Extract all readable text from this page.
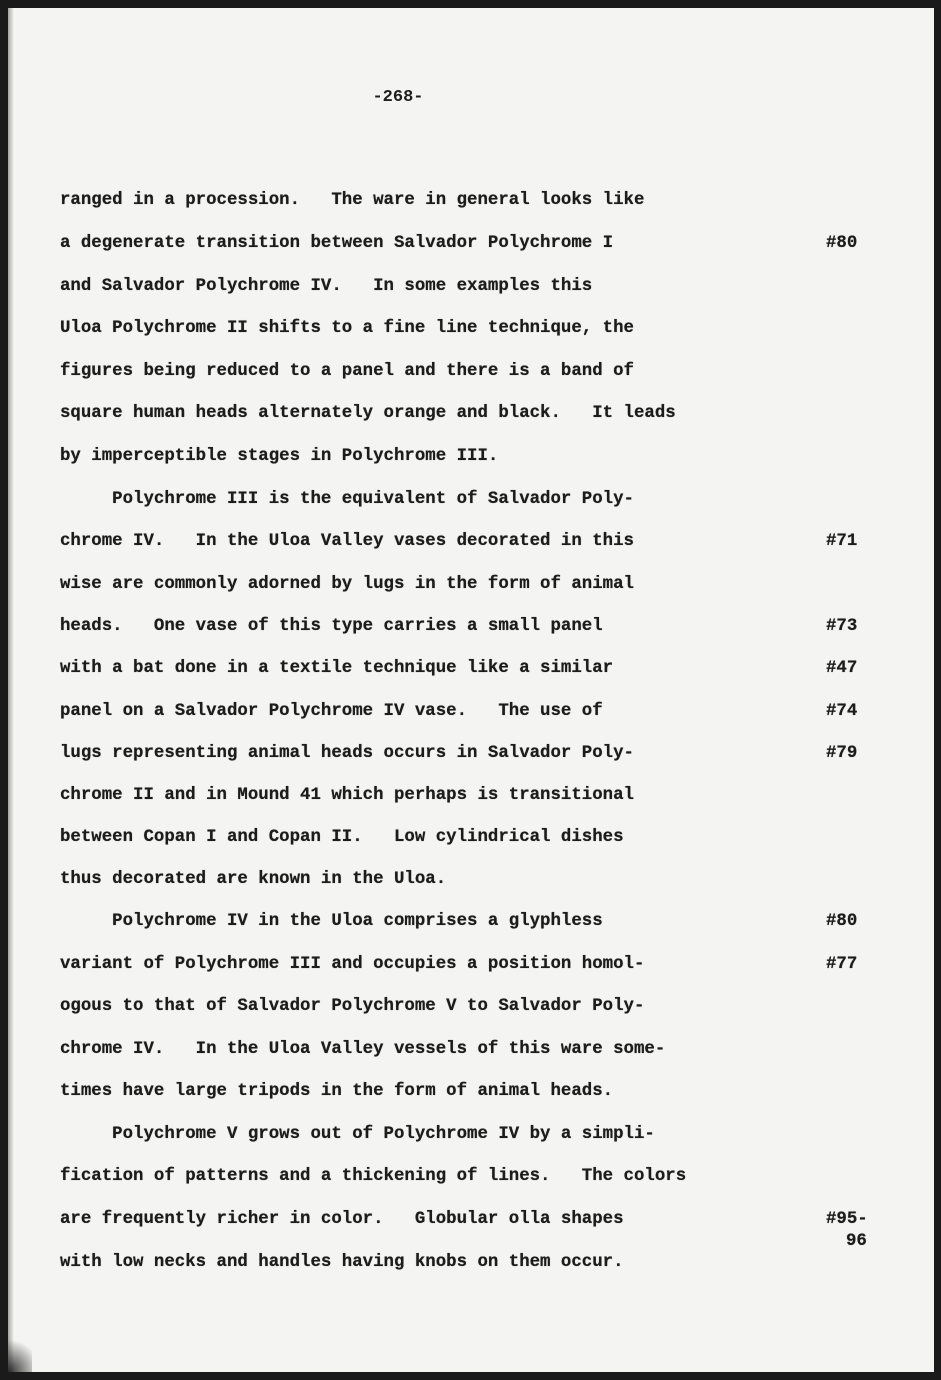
-268-
ranged in a procession.   The ware in general looks like
a degenerate transition between Salvador Polychrome I
and Salvador Polychrome IV.   In some examples this
Uloa Polychrome II shifts to a fine line technique, the
figures being reduced to a panel and there is a band of
square human heads alternately orange and black.   It leads
by imperceptible stages in Polychrome III.
Polychrome III is the equivalent of Salvador Poly-
chrome IV.   In the Uloa Valley vases decorated in this
wise are commonly adorned by lugs in the form of animal
heads.   One vase of this type carries a small panel
with a bat done in a textile technique like a similar
panel on a Salvador Polychrome IV vase.   The use of
lugs representing animal heads occurs in Salvador Poly-
chrome II and in Mound 41 which perhaps is transitional
between Copan I and Copan II.   Low cylindrical dishes
thus decorated are known in the Uloa.
Polychrome IV in the Uloa comprises a glyphless
variant of Polychrome III and occupies a position homol-
ogous to that of Salvador Polychrome V to Salvador Poly-
chrome IV.   In the Uloa Valley vessels of this ware some-
times have large tripods in the form of animal heads.
Polychrome V grows out of Polychrome IV by a simpli-
fication of patterns and a thickening of lines.   The colors
are frequently richer in color.   Globular olla shapes
with low necks and handles having knobs on them occur.
#80
#71
#73
#47
#74
#79
#80
#77
#95-
96
